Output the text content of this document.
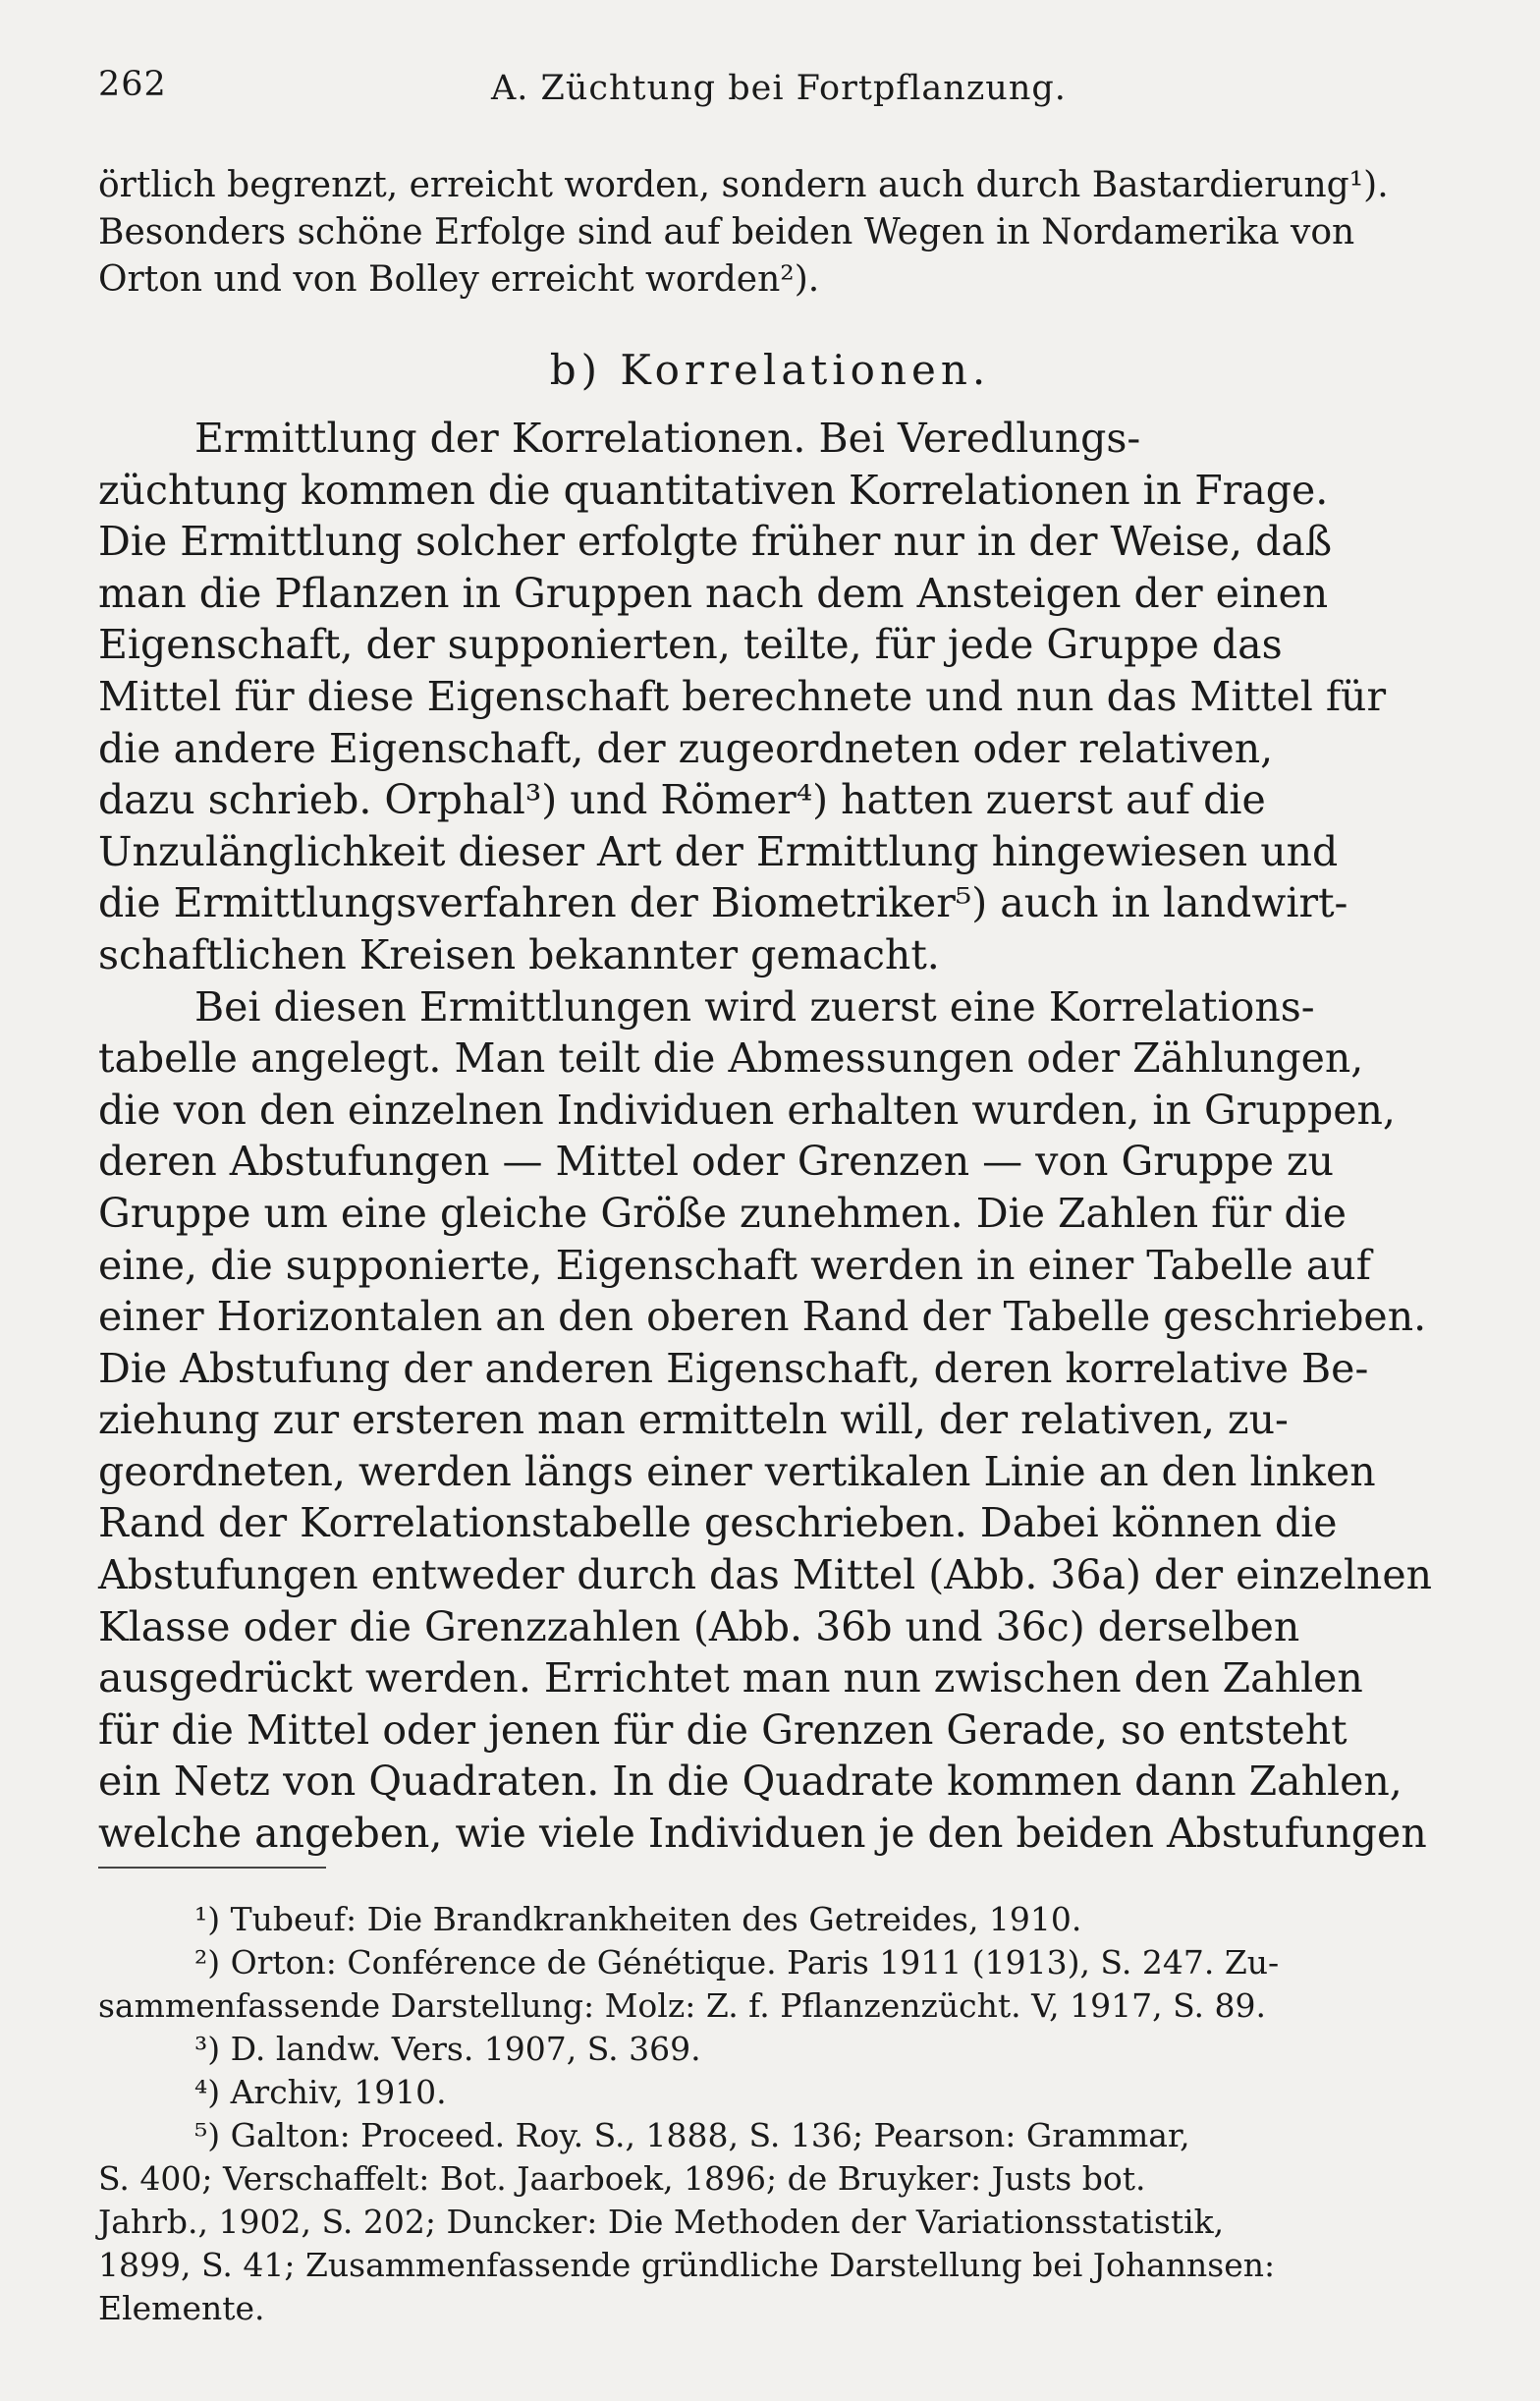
262	A. Züchtung bei Fortpflanzung.
örtlich begrenzt, erreicht worden, sondern auch durch Bastardierung¹).
Besonders schöne Erfolge sind auf beiden Wegen in Nordamerika von
Orton und von Bolley erreicht worden²).
b) Korrelationen.
Ermittlung der Korrelationen. Bei Veredlungs-
züchtung kommen die quantitativen Korrelationen in Frage.
Die Ermittlung solcher erfolgte früher nur in der Weise, daß
man die Pflanzen in Gruppen nach dem Ansteigen der einen
Eigenschaft, der supponierten, teilte, für jede Gruppe das
Mittel für diese Eigenschaft berechnete und nun das Mittel für
die andere Eigenschaft, der zugeordneten oder relativen,
dazu schrieb. Orphal³) und Römer⁴) hatten zuerst auf die
Unzulänglichkeit dieser Art der Ermittlung hingewiesen und
die Ermittlungsverfahren der Biometriker⁵) auch in landwirt-
schaftlichen Kreisen bekannter gemacht.
Bei diesen Ermittlungen wird zuerst eine Korrelations-
tabelle angelegt. Man teilt die Abmessungen oder Zählungen,
die von den einzelnen Individuen erhalten wurden, in Gruppen,
deren Abstufungen — Mittel oder Grenzen — von Gruppe zu
Gruppe um eine gleiche Größe zunehmen. Die Zahlen für die
eine, die supponierte, Eigenschaft werden in einer Tabelle auf
einer Horizontalen an den oberen Rand der Tabelle geschrieben.
Die Abstufung der anderen Eigenschaft, deren korrelative Be-
ziehung zur ersteren man ermitteln will, der relativen, zu-
geordneten, werden längs einer vertikalen Linie an den linken
Rand der Korrelationstabelle geschrieben. Dabei können die
Abstufungen entweder durch das Mittel (Abb. 36a) der einzelnen
Klasse oder die Grenzzahlen (Abb. 36b und 36c) derselben
ausgedrückt werden. Errichtet man nun zwischen den Zahlen
für die Mittel oder jenen für die Grenzen Gerade, so entsteht
ein Netz von Quadraten. In die Quadrate kommen dann Zahlen,
welche angeben, wie viele Individuen je den beiden Abstufungen
¹) Tubeuf: Die Brandkrankheiten des Getreides, 1910.
²) Orton: Conférence de Génétique. Paris 1911 (1913), S. 247. Zu-
sammenfassende Darstellung: Molz: Z. f. Pflanzenzücht. V, 1917, S. 89.
³) D. landw. Vers. 1907, S. 369.
⁴) Archiv, 1910.
⁵) Galton: Proceed. Roy. S., 1888, S. 136; Pearson: Grammar,
S. 400; Verschaffelt: Bot. Jaarboek, 1896; de Bruyker: Justs bot.
Jahrb., 1902, S. 202; Duncker: Die Methoden der Variationsstatistik,
1899, S. 41; Zusammenfassende gründliche Darstellung bei Johannsen:
Elemente.
